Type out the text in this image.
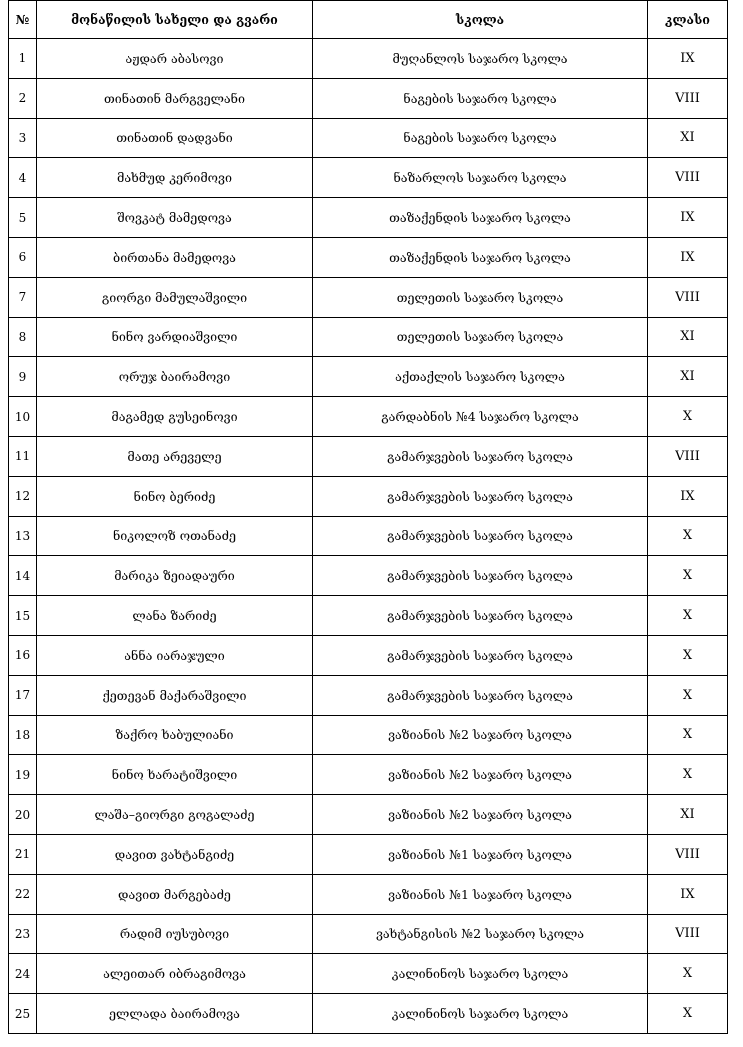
№	მონაწილის სახელი და გვარი	სკოლა	კლასი
1	აჟდარ აბასოვი	მუღანლოს საჯარო სკოლა	IX
2	თინათინ მარგველანი	ნაგების საჯარო სკოლა	VIII
3	თინათინ დადვანი	ნაგების საჯარო სკოლა	XI
4	მახმუდ კერიმოვი	ნაზარლოს საჯარო სკოლა	VIII
5	შოვკატ მამედოვა	თაზაქენდის საჯარო სკოლა	IX
6	ბირთანა მამედოვა	თაზაქენდის საჯარო სკოლა	IX
7	გიორგი მამულაშვილი	თელეთის საჯარო სკოლა	VIII
8	ნინო ვარდიაშვილი	თელეთის საჯარო სკოლა	XI
9	ორუჯ ბაირამოვი	აქთაქლის საჯარო სკოლა	XI
10	მაგამედ გუსეინოვი	გარდაბნის №4 საჯარო სკოლა	X
11	მათე არეველე	გამარჯვების საჯარო სკოლა	VIII
12	ნინო ბერიძე	გამარჯვების საჯარო სკოლა	IX
13	ნიკოლოზ ოთანაძე	გამარჯვების საჯარო სკოლა	X
14	მარიკა ზეიადაური	გამარჯვების საჯარო სკოლა	X
15	ლანა ზარიძე	გამარჯვების საჯარო სკოლა	X
16	ანნა იარაჯული	გამარჯვების საჯარო სკოლა	X
17	ქეთევან მაქარაშვილი	გამარჯვების საჯარო სკოლა	X
18	ზაქრო ხაბულიანი	ვაზიანის №2 საჯარო სკოლა	X
19	ნინო ხარატიშვილი	ვაზიანის №2 საჯარო სკოლა	X
20	ლაშა–გიორგი გოგალაძე	ვაზიანის №2 საჯარო სკოლა	XI
21	დავით ვახტანგიძე	ვაზიანის №1 საჯარო სკოლა	VIII
22	დავით მარგებაძე	ვაზიანის №1 საჯარო სკოლა	IX
23	რადიმ იუსუბოვი	ვახტანგისის №2 საჯარო სკოლა	VIII
24	ალეითარ იბრაგიმოვა	კალინინოს საჯარო სკოლა	X
25	ელლადა ბაირამოვა	კალინინოს საჯარო სკოლა	X
